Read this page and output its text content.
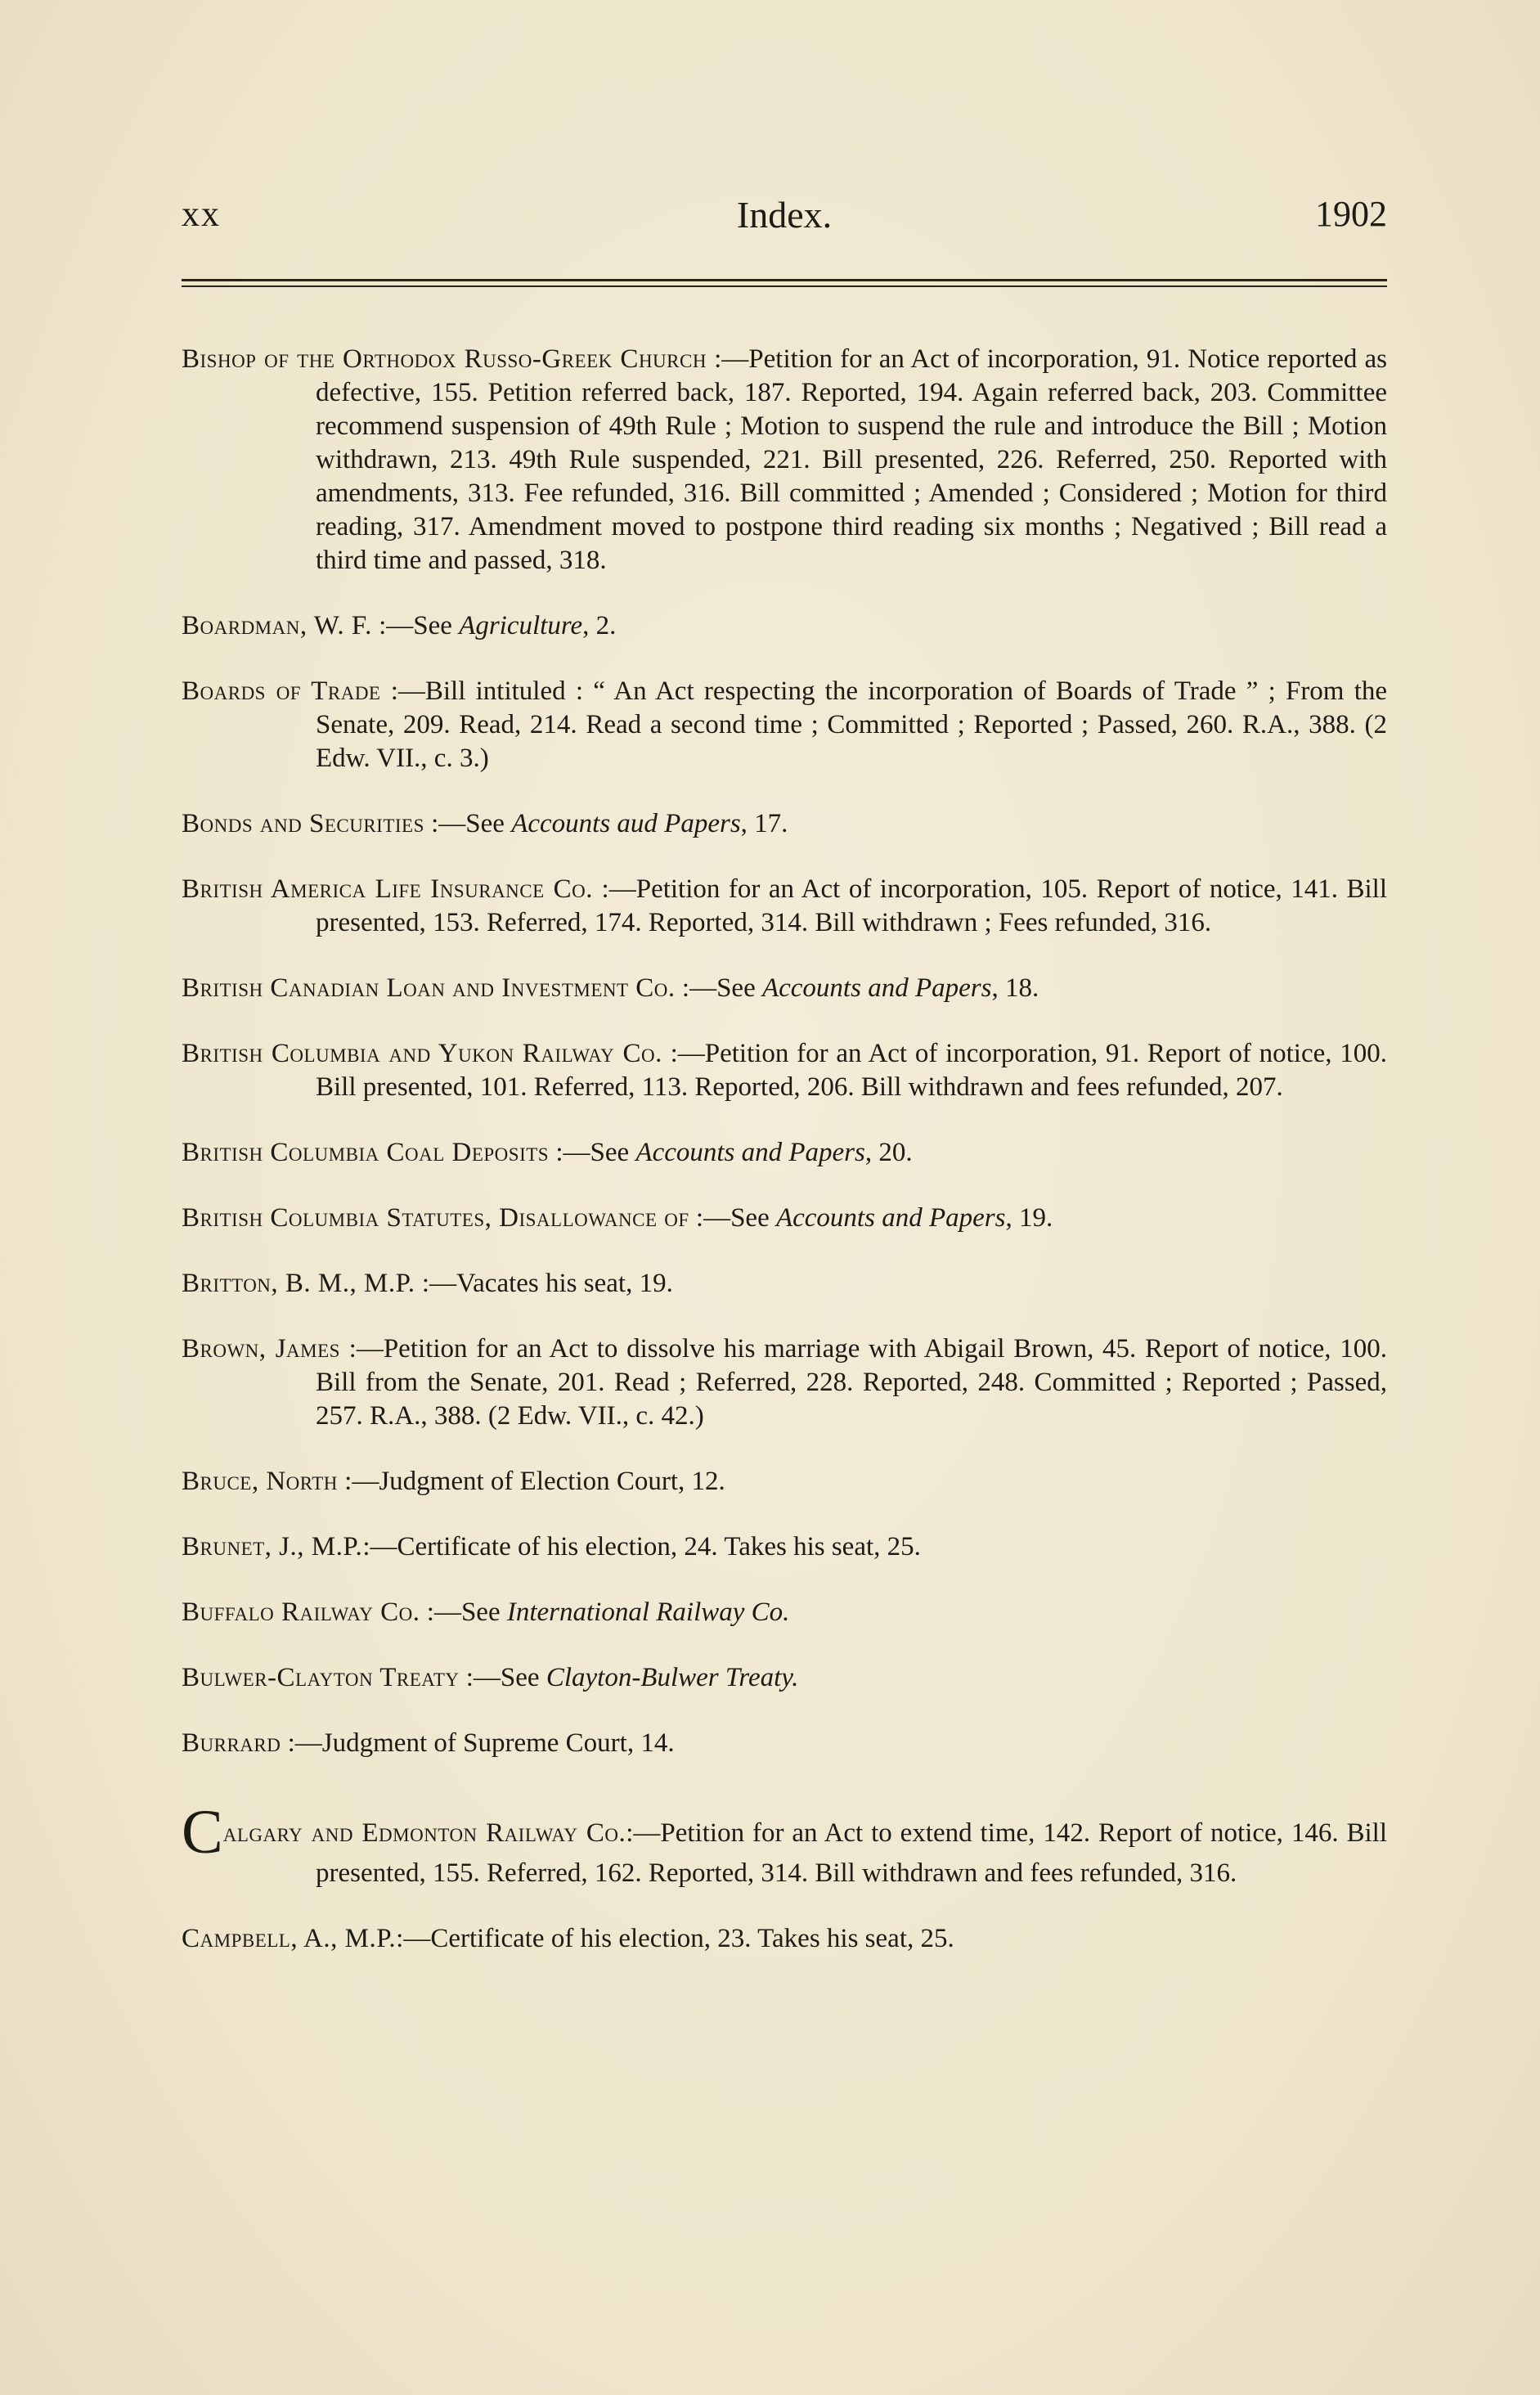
xx	Index.	1902

Bishop of the Orthodox Russo-Greek Church :—Petition for an Act of incorporation, 91. Notice reported as defective, 155. Petition referred back, 187. Reported, 194. Again referred back, 203. Committee recommend suspension of 49th Rule ; Motion to suspend the rule and introduce the Bill ; Motion withdrawn, 213. 49th Rule suspended, 221. Bill presented, 226. Referred, 250. Reported with amendments, 313. Fee refunded, 316. Bill committed ; Amended ; Considered ; Motion for third reading, 317. Amendment moved to postpone third reading six months ; Negatived ; Bill read a third time and passed, 318.

Boardman, W. F. :—See Agriculture, 2.

Boards of Trade :—Bill intituled : “ An Act respecting the incorporation of Boards of Trade ” ; From the Senate, 209. Read, 214. Read a second time ; Committed ; Reported ; Passed, 260. R.A., 388. (2 Edw. VII., c. 3.)

Bonds and Securities :—See Accounts aud Papers, 17.

British America Life Insurance Co. :—Petition for an Act of incorporation, 105. Report of notice, 141. Bill presented, 153. Referred, 174. Reported, 314. Bill withdrawn ; Fees refunded, 316.

British Canadian Loan and Investment Co. :—See Accounts and Papers, 18.

British Columbia and Yukon Railway Co. :—Petition for an Act of incorporation, 91. Report of notice, 100. Bill presented, 101. Referred, 113. Reported, 206. Bill withdrawn and fees refunded, 207.

British Columbia Coal Deposits :—See Accounts and Papers, 20.

British Columbia Statutes, Disallowance of :—See Accounts and Papers, 19.

Britton, B. M., M.P. :—Vacates his seat, 19.

Brown, James :—Petition for an Act to dissolve his marriage with Abigail Brown, 45. Report of notice, 100. Bill from the Senate, 201. Read ; Referred, 228. Reported, 248. Committed ; Reported ; Passed, 257. R.A., 388. (2 Edw. VII., c. 42.)

Bruce, North :—Judgment of Election Court, 12.

Brunet, J., M.P.:—Certificate of his election, 24. Takes his seat, 25.

Buffalo Railway Co. :—See International Railway Co.

Bulwer-Clayton Treaty :—See Clayton-Bulwer Treaty.

Burrard :—Judgment of Supreme Court, 14.

Calgary and Edmonton Railway Co.:—Petition for an Act to extend time, 142. Report of notice, 146. Bill presented, 155. Referred, 162. Reported, 314. Bill withdrawn and fees refunded, 316.

Campbell, A., M.P.:—Certificate of his election, 23. Takes his seat, 25.
